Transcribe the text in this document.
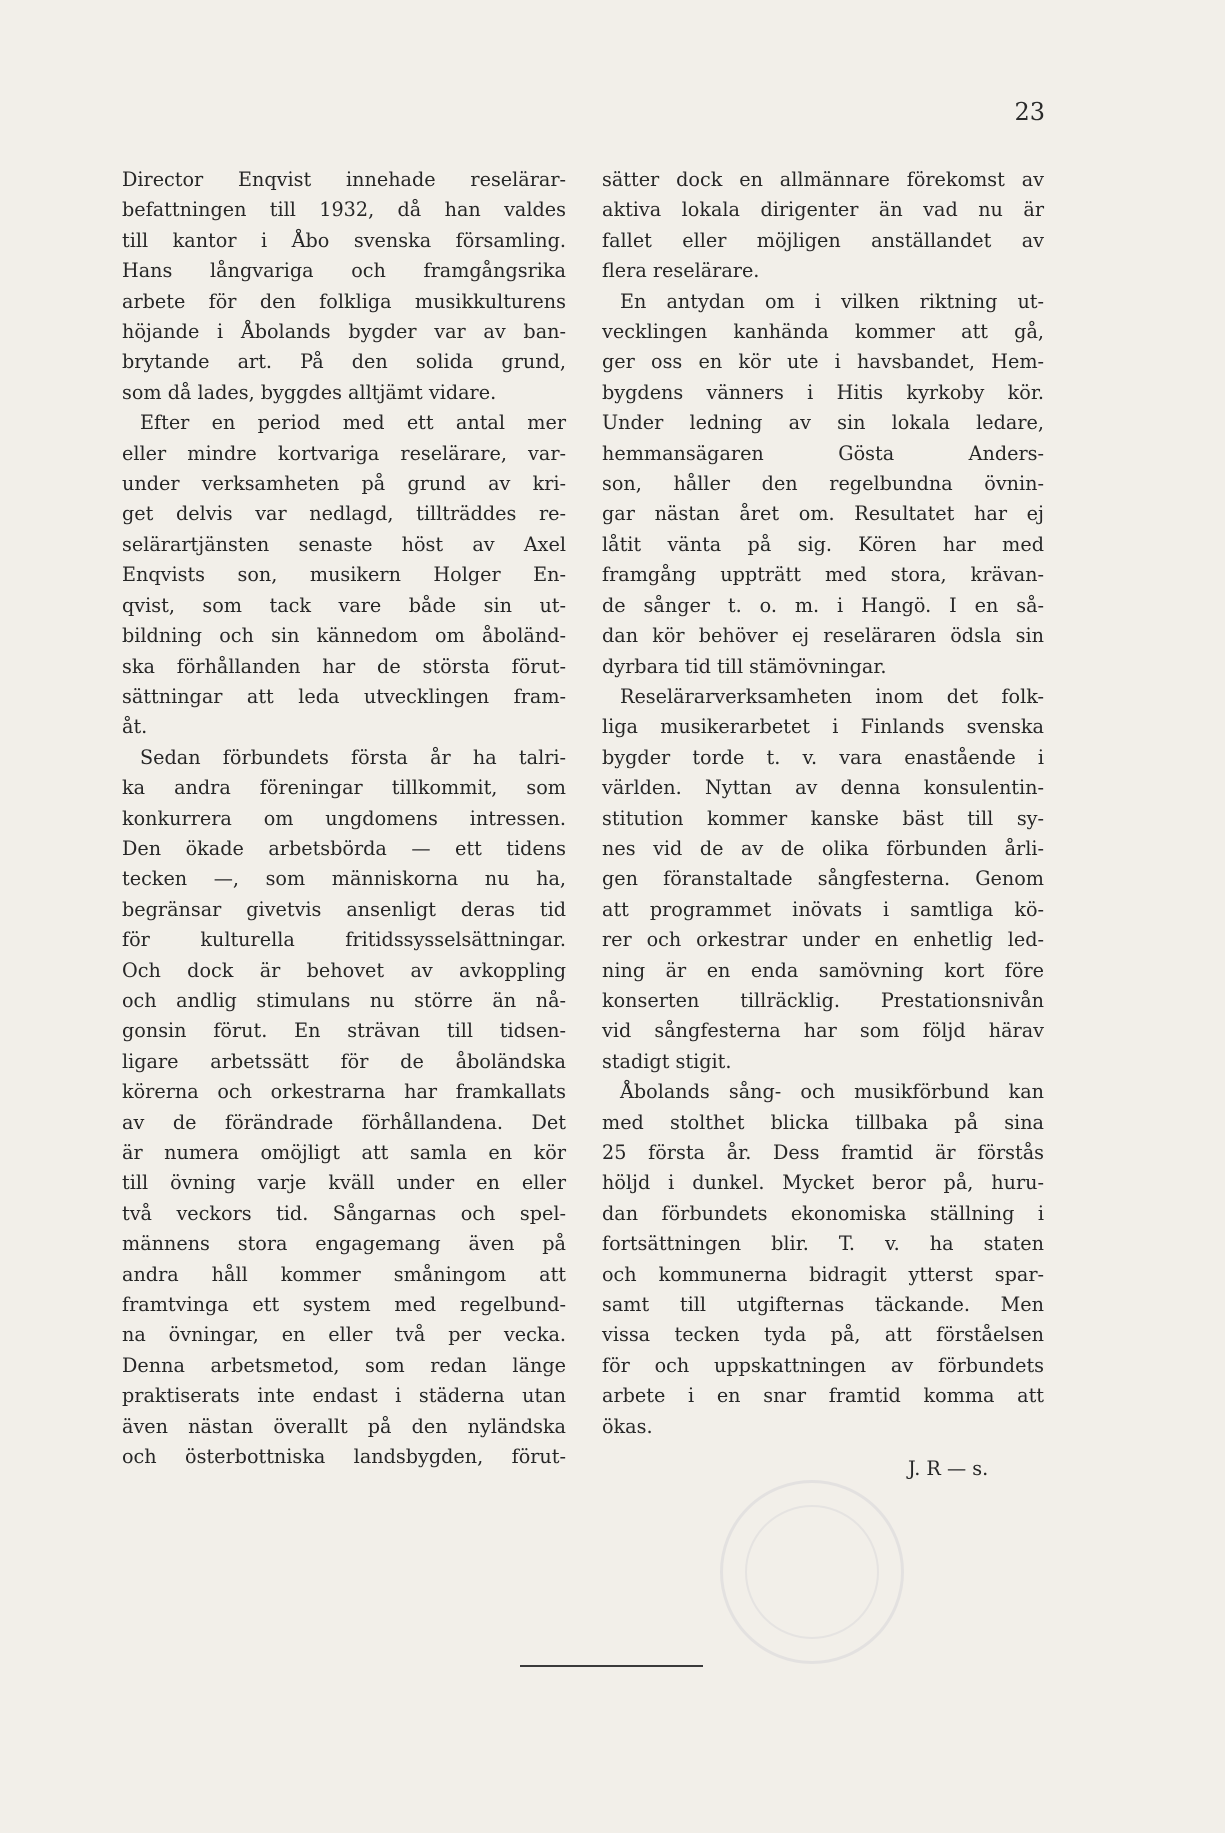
23
Director Enqvist innehade reselärar-
befattningen till 1932, då han valdes
till kantor i Åbo svenska församling.
Hans långvariga och framgångsrika
arbete för den folkliga musikkulturens
höjande i Åbolands bygder var av ban-
brytande art. På den solida grund,
som då lades, byggdes alltjämt vidare.
Efter en period med ett antal mer
eller mindre kortvariga reselärare, var-
under verksamheten på grund av kri-
get delvis var nedlagd, tillträddes re-
selärartjänsten senaste höst av Axel
Enqvists son, musikern Holger En-
qvist, som tack vare både sin ut-
bildning och sin kännedom om åboländ-
ska förhållanden har de största förut-
sättningar att leda utvecklingen fram-
åt.
Sedan förbundets första år ha talri-
ka andra föreningar tillkommit, som
konkurrera om ungdomens intressen.
Den ökade arbetsbörda — ett tidens
tecken —, som människorna nu ha,
begränsar givetvis ansenligt deras tid
för kulturella fritidssysselsättningar.
Och dock är behovet av avkoppling
och andlig stimulans nu större än nå-
gonsin förut. En strävan till tidsen-
ligare arbetssätt för de åboländska
körerna och orkestrarna har framkallats
av de förändrade förhållandena. Det
är numera omöjligt att samla en kör
till övning varje kväll under en eller
två veckors tid. Sångarnas och spel-
männens stora engagemang även på
andra håll kommer småningom att
framtvinga ett system med regelbund-
na övningar, en eller två per vecka.
Denna arbetsmetod, som redan länge
praktiserats inte endast i städerna utan
även nästan överallt på den nyländska
och österbottniska landsbygden, förut-
sätter dock en allmännare förekomst av
aktiva lokala dirigenter än vad nu är
fallet eller möjligen anställandet av
flera reselärare.
En antydan om i vilken riktning ut-
vecklingen kanhända kommer att gå,
ger oss en kör ute i havsbandet, Hem-
bygdens vänners i Hitis kyrkoby kör.
Under ledning av sin lokala ledare,
hemmansägaren Gösta Anders-
son, håller den regelbundna övnin-
gar nästan året om. Resultatet har ej
låtit vänta på sig. Kören har med
framgång uppträtt med stora, krävan-
de sånger t. o. m. i Hangö. I en så-
dan kör behöver ej reseläraren ödsla sin
dyrbara tid till stämövningar.
Reselärarverksamheten inom det folk-
liga musikerarbetet i Finlands svenska
bygder torde t. v. vara enastående i
världen. Nyttan av denna konsulentin-
stitution kommer kanske bäst till sy-
nes vid de av de olika förbunden årli-
gen föranstaltade sångfesterna. Genom
att programmet inövats i samtliga kö-
rer och orkestrar under en enhetlig led-
ning är en enda samövning kort före
konserten tillräcklig. Prestationsnivån
vid sångfesterna har som följd härav
stadigt stigit.
Åbolands sång- och musikförbund kan
med stolthet blicka tillbaka på sina
25 första år. Dess framtid är förstås
höljd i dunkel. Mycket beror på, huru-
dan förbundets ekonomiska ställning i
fortsättningen blir. T. v. ha staten
och kommunerna bidragit ytterst spar-
samt till utgifternas täckande. Men
vissa tecken tyda på, att förståelsen
för och uppskattningen av förbundets
arbete i en snar framtid komma att
ökas.
J. R — s.
